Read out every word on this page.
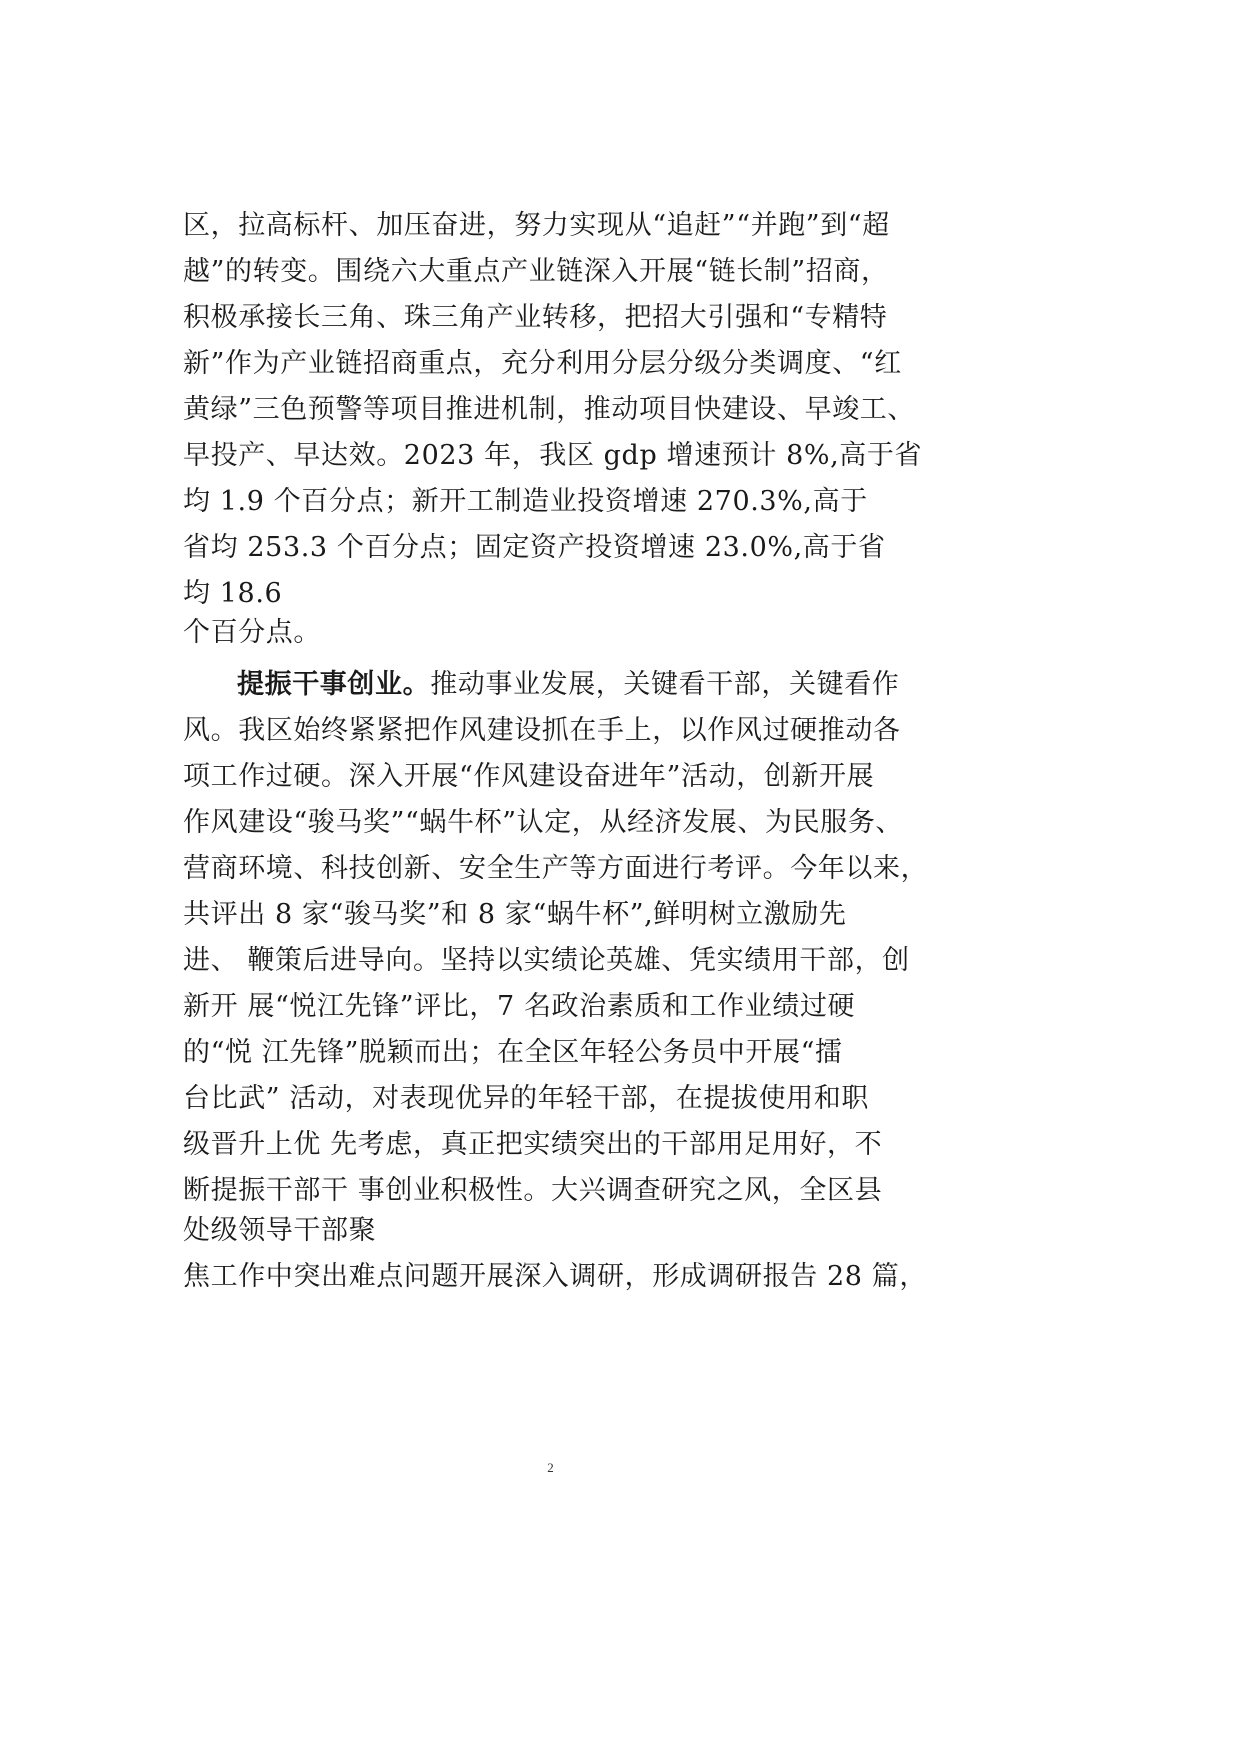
区，拉高标杆、加压奋进，努力实现从“追赶”“并跑”到“超
越”的转变。围绕六大重点产业链深入开展“链长制”招商，
积极承接长三角、珠三角产业转移，把招大引强和“专精特
新”作为产业链招商重点，充分利用分层分级分类调度、“红
黄绿”三色预警等项目推进机制，推动项目快建设、早竣工、
早投产、早达效。2023 年，我区 gdp 增速预计 8%,高于省
均 1.9 个百分点；新开工制造业投资增速 270.3%,高于
省均 253.3 个百分点；固定资产投资增速 23.0%,高于省
均 18.6
个百分点。
提振干事创业。推动事业发展，关键看干部，关键看作
风。我区始终紧紧把作风建设抓在手上，以作风过硬推动各
项工作过硬。深入开展“作风建设奋进年”活动，创新开展
作风建设“骏马奖”“蜗牛杯”认定，从经济发展、为民服务、
营商环境、科技创新、安全生产等方面进行考评。今年以来，
共评出 8 家“骏马奖”和 8 家“蜗牛杯”,鲜明树立激励先
进、 鞭策后进导向。坚持以实绩论英雄、凭实绩用干部，创
新开 展“悦江先锋”评比，7 名政治素质和工作业绩过硬
的“悦 江先锋”脱颖而出；在全区年轻公务员中开展“擂
台比武” 活动，对表现优异的年轻干部，在提拔使用和职
级晋升上优 先考虑，真正把实绩突出的干部用足用好，不
断提振干部干 事创业积极性。大兴调查研究之风，全区县
处级领导干部聚
焦工作中突出难点问题开展深入调研，形成调研报告 28 篇，
2
